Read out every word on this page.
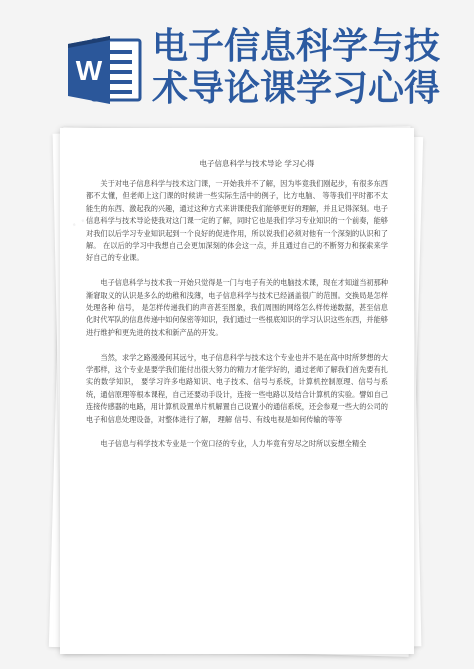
W
电子信息科学与技
术导论课学习心得
· · · · · ·
电子信息科学与技术导论 学习心得

关于对电子信息科学与技术这门课，一开始我并不了解，因为毕竟我们刚起步，有很多东西都不太懂，但老师上这门课的时候讲一些实际生活中的例子，比方电脑、 等等我们平时都不太能生的东西、激起我的兴趣，通过这种方式来讲课使我们能够更好的理解，并且记得深刻。电子信息科学与技术导论使我对这门课一定的了解，同时它也是我们学习专业知识的一个前奏，能够对我们以后学习专业知识起到一个良好的促进作用，所以说我们必须对他有一个深刻的认识和了解。 在以后的学习中我想自己会更加深刻的体会这一点，并且通过自己的不断努力和探索来学好自己的专业课。

电子信息科学与技术我一开始只觉得是一门与电子有关的电脑技术课，现在才知道当初那种渐窘取义的认识是多么的幼稚和浅薄，电子信息科学与技术已经涵盖很广的范围。交换局是怎样处理各种 信号， 是怎样传递我们的声音甚至图象，我们周围的网络怎么样传递数据，甚至信息化时代军队的信息传递中如何保密等知识，我们通过一些根底知识的学习认识这些东西，并能够进行维护和更先进的技术和新产品的开发。

当然，求学之路漫漫何其远兮，电子信息科学与技术这个专业也并不是在高中时所梦想的大学那样，这个专业是要学我们能付出很大努力的精力才能学好的，通过老师了解我们首先要有扎实的数学知识， 要学习许多电路知识、电子技术、信号与系统，计算机控制原理、信号与系统，通信原理等根本课程，自己还要动手设计，连接一些电路以及结合计算机的实验。譬如自己连接传感器的电路，用计算机设置单片机解置自己设置小的通信系统，还会参观一些大的公司的电子和信息处理设备，对整体进行了解， 理解 信号、有线电视是如何传输的等等

电子信息与科学技术专业是一个宽口径的专业，人力毕竟有穷尽之时所以妄想全精全
